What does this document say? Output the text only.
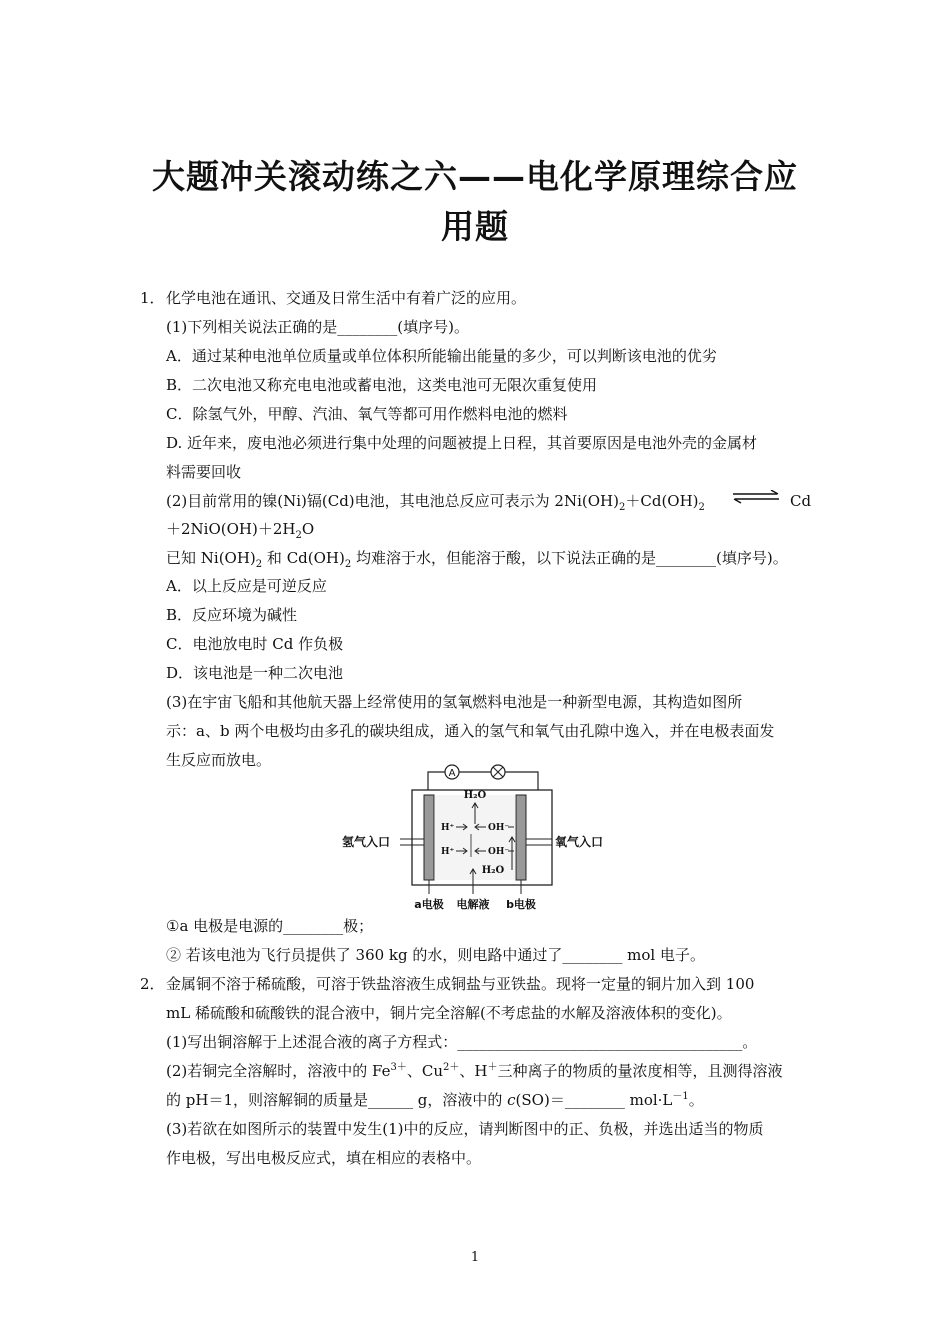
大题冲关滚动练之六——电化学原理综合应
用题
1． 化学电池在通讯、交通及日常生活中有着广泛的应用。
(1)下列相关说法正确的是________(填序号)。
A．通过某种电池单位质量或单位体积所能输出能量的多少，可以判断该电池的优劣
B．二次电池又称充电电池或蓄电池，这类电池可无限次重复使用
C．除氢气外，甲醇、汽油、氧气等都可用作燃料电池的燃料
D. 近年来，废电池必须进行集中处理的问题被提上日程，其首要原因是电池外壳的金属材
料需要回收
(2)目前常用的镍(Ni)镉(Cd)电池，其电池总反应可表示为 $2Ni(OH)_2+Cd(OH)_2$	Cd
$+2NiO(OH)+2H_2O$
已知 $Ni(OH)_2$ 和 $Cd(OH)_2$ 均难溶于水，但能溶于酸，以下说法正确的是________(填序号)。
A．以上反应是可逆反应
B．反应环境为碱性
C．电池放电时 Cd 作负极
D．该电池是一种二次电池
(3)在宇宙飞船和其他航天器上经常使用的氢氧燃料电池是一种新型电源，其构造如图所
示：a、b 两个电极均由多孔的碳块组成，通入的氢气和氧气由孔隙中逸入，并在电极表面发
生反应而放电。
A
H₂O
H⁺	OH⁻
H⁺	OH⁻
H₂O
氢气入口	氧气入口
a电极 电解液 b电极
①a 电极是电源的________极；
② 若该电池为飞行员提供了 360 kg 的水，则电路中通过了________ mol 电子。
2． 金属铜不溶于稀硫酸，可溶于铁盐溶液生成铜盐与亚铁盐。现将一定量的铜片加入到 100
mL 稀硫酸和硫酸铁的混合液中，铜片完全溶解(不考虑盐的水解及溶液体积的变化)。
(1)写出铜溶解于上述混合液的离子方程式：______________________________________。
(2)若铜完全溶解时，溶液中的 $Fe^{3+}$、$Cu^{2+}$、H＋三种离子的物质的量浓度相等，且测得溶液
的 pH＝1，则溶解铜的质量是______ g，溶液中的 c(SO)＝________ $mol\cdot L^{-1}$。
(3)若欲在如图所示的装置中发生(1)中的反应，请判断图中的正、负极，并选出适当的物质
作电极，写出电极反应式，填在相应的表格中。
1
